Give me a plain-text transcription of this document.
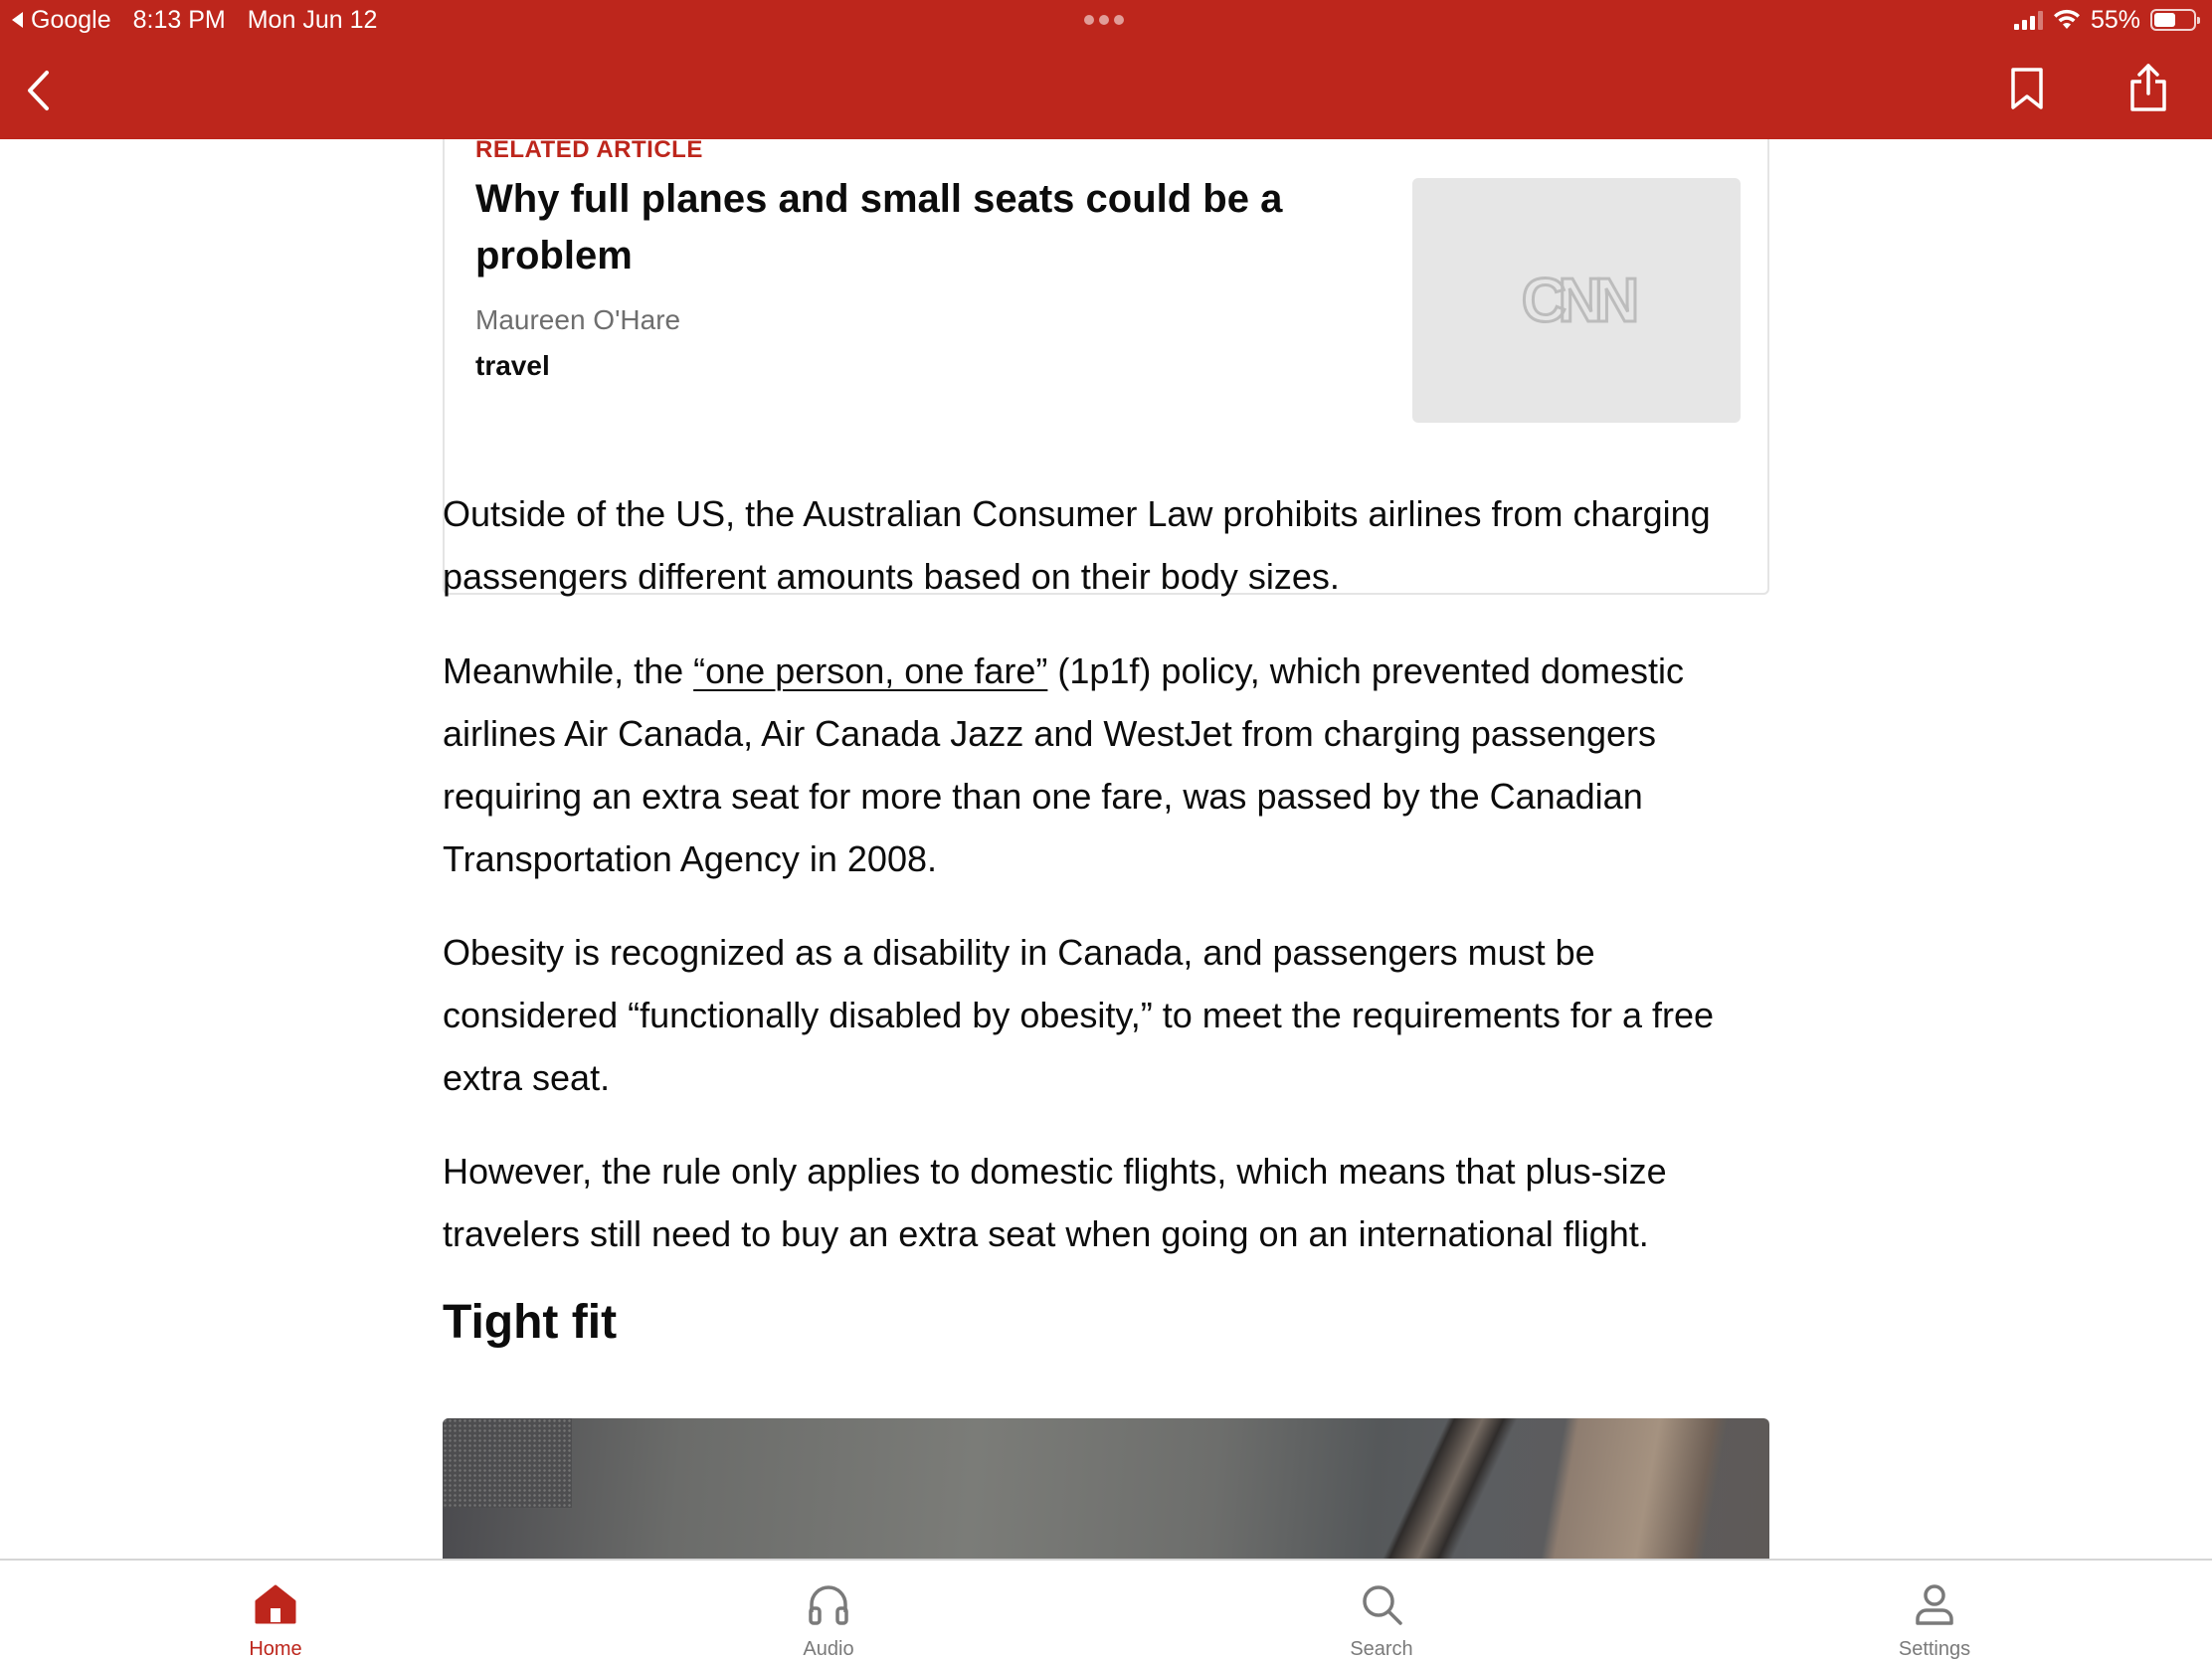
Google 8:13 PM Mon Jun 12	55%
RELATED ARTICLE
Why full planes and small seats could be a problem
Maureen O'Hare
travel
CNN

Outside of the US, the Australian Consumer Law prohibits airlines from charging passengers different amounts based on their body sizes.

Meanwhile, the “one person, one fare” (1p1f) policy, which prevented domestic airlines Air Canada, Air Canada Jazz and WestJet from charging passengers requiring an extra seat for more than one fare, was passed by the Canadian Transportation Agency in 2008.

Obesity is recognized as a disability in Canada, and passengers must be considered “functionally disabled by obesity,” to meet the requirements for a free extra seat.

However, the rule only applies to domestic flights, which means that plus-size travelers still need to buy an extra seat when going on an international flight.

Tight fit
Home	Audio	Search	Settings
